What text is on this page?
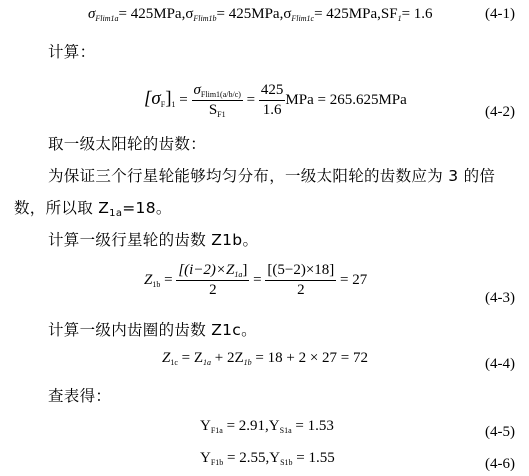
$\sigma_{Flim1a}= 425MPa,\sigma_{Flim1b}= 425MPa,\sigma_{Flim1c}= 425MPa,SF_1= 1.6$	(4-1)
计算：
$[\sigma_F]_1 = \frac{\sigma_{Flim1(a/b/c)}}{S_{F1}} = \frac{425}{1.6}$ MPa = 265.625MPa
(4-2)
取一级太阳轮的齿数：
为保证三个行星轮能够均匀分布，一级太阳轮的齿数应为 3 的倍
数，所以取 $Z_{1a}=18$。
计算一级行星轮的齿数 Z1b。
$Z_{1b} = \frac{[(i-2)\times Z_{1a}]}{2} = \frac{[(5-2)\times 18]}{2} = 27$
(4-3)
计算一级内齿圈的齿数 Z1c。
$Z_{1c} = Z_{1a} + 2Z_{1b} = 18 + 2 \times 27 = 72$	(4-4)
查表得：
$Y_{F1a} = 2.91,Y_{S1a} = 1.53$	(4-5)
$Y_{F1b} = 2.55,Y_{S1b} = 1.55$	(4-6)
